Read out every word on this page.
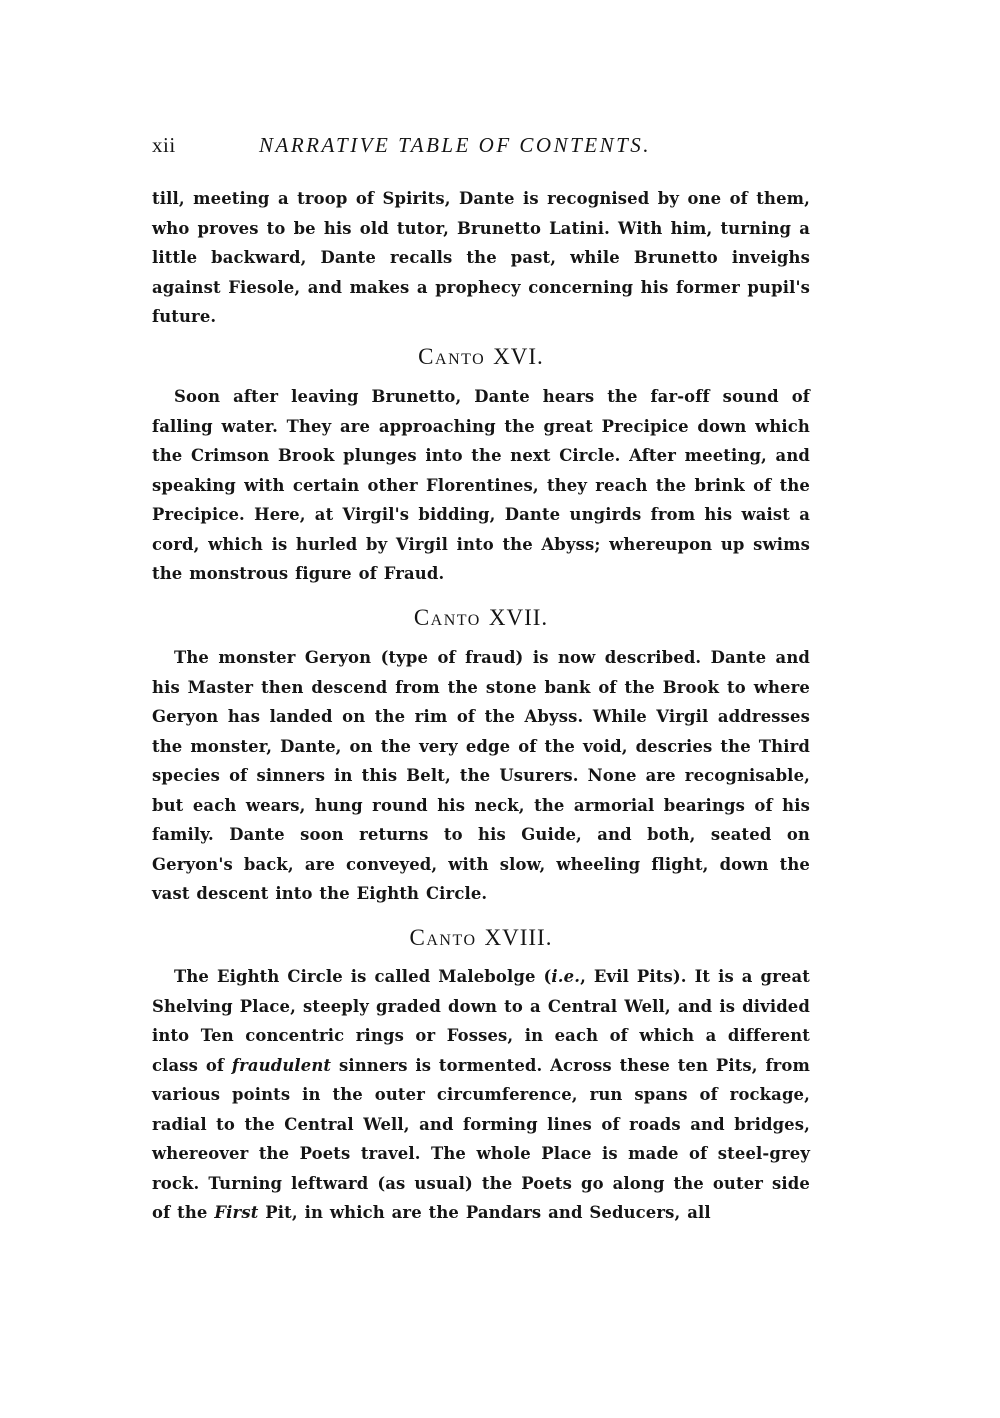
xii	NARRATIVE TABLE OF CONTENTS.

till, meeting a troop of Spirits, Dante is recognised by one of them, who proves to be his old tutor, Brunetto Latini. With him, turning a little backward, Dante recalls the past, while Brunetto inveighs against Fiesole, and makes a prophecy concerning his former pupil's future.

Canto XVI.

Soon after leaving Brunetto, Dante hears the far-off sound of falling water. They are approaching the great Precipice down which the Crimson Brook plunges into the next Circle. After meeting, and speaking with certain other Florentines, they reach the brink of the Precipice. Here, at Virgil's bidding, Dante ungirds from his waist a cord, which is hurled by Virgil into the Abyss; whereupon up swims the monstrous figure of Fraud.

Canto XVII.

The monster Geryon (type of fraud) is now described. Dante and his Master then descend from the stone bank of the Brook to where Geryon has landed on the rim of the Abyss. While Virgil addresses the monster, Dante, on the very edge of the void, descries the Third species of sinners in this Belt, the Usurers. None are recognisable, but each wears, hung round his neck, the armorial bearings of his family. Dante soon returns to his Guide, and both, seated on Geryon's back, are conveyed, with slow, wheeling flight, down the vast descent into the Eighth Circle.

Canto XVIII.

The Eighth Circle is called Malebolge (i.e., Evil Pits). It is a great Shelving Place, steeply graded down to a Central Well, and is divided into Ten concentric rings or Fosses, in each of which a different class of fraudulent sinners is tormented. Across these ten Pits, from various points in the outer circumference, run spans of rockage, radial to the Central Well, and forming lines of roads and bridges, whereover the Poets travel. The whole Place is made of steel-grey rock. Turning leftward (as usual) the Poets go along the outer side of the First Pit, in which are the Pandars and Seducers, all
